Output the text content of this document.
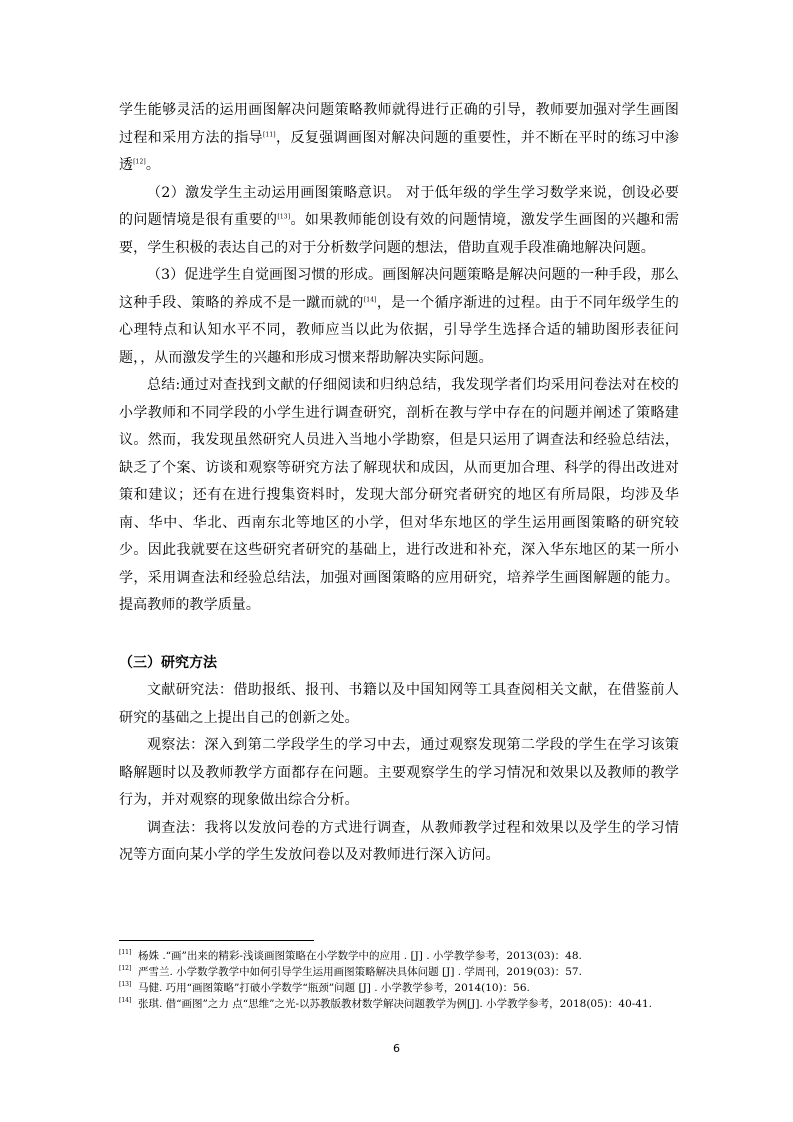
学生能够灵活的运用画图解决问题策略教师就得进行正确的引导，教师要加强对学生画图过程和采用方法的指导[11]，反复强调画图对解决问题的重要性，并不断在平时的练习中渗透[12]。

（2）激发学生主动运用画图策略意识。 对于低年级的学生学习数学来说，创设必要的问题情境是很有重要的[13]。如果教师能创设有效的问题情境，激发学生画图的兴趣和需要，学生积极的表达自己的对于分析数学问题的想法，借助直观手段准确地解决问题。

（3）促进学生自觉画图习惯的形成。画图解决问题策略是解决问题的一种手段，那么这种手段、策略的养成不是一蹴而就的[14]，是一个循序渐进的过程。由于不同年级学生的心理特点和认知水平不同，教师应当以此为依据，引导学生选择合适的辅助图形表征问题，，从而激发学生的兴趣和形成习惯来帮助解决实际问题。

总结:通过对查找到文献的仔细阅读和归纳总结，我发现学者们均采用问卷法对在校的小学教师和不同学段的小学生进行调查研究，剖析在教与学中存在的问题并阐述了策略建议。然而，我发现虽然研究人员进入当地小学勘察，但是只运用了调查法和经验总结法，缺乏了个案、访谈和观察等研究方法了解现状和成因，从而更加合理、科学的得出改进对策和建议；还有在进行搜集资料时，发现大部分研究者研究的地区有所局限，均涉及华南、华中、华北、西南东北等地区的小学，但对华东地区的学生运用画图策略的研究较少。因此我就要在这些研究者研究的基础上，进行改进和补充，深入华东地区的某一所小学，采用调查法和经验总结法，加强对画图策略的应用研究，培养学生画图解题的能力。提高教师的教学质量。

（三）研究方法

文献研究法：借助报纸、报刊、书籍以及中国知网等工具查阅相关文献，在借鉴前人研究的基础之上提出自己的创新之处。

观察法：深入到第二学段学生的学习中去，通过观察发现第二学段的学生在学习该策略解题时以及教师教学方面都存在问题。主要观察学生的学习情况和效果以及教师的教学行为，并对观察的现象做出综合分析。

调查法：我将以发放问卷的方式进行调查，从教师教学过程和效果以及学生的学习情况等方面向某小学的学生发放问卷以及对教师进行深入访问。

[11] 杨姝 .“画”出来的精彩-浅谈画图策略在小学数学中的应用 . [J] . 小学教学参考，2013(03)：48.
[12] 严雪兰. 小学数学教学中如何引导学生运用画图策略解决具体问题 [J] . 学周刊，2019(03)：57.
[13] 马健. 巧用“画图策略”打破小学数学“瓶颈”问题 [J] . 小学教学参考，2014(10)：56.
[14] 张琪. 借“画图”之力 点“思维”之光-以苏教版教材数学解决问题教学为例[J]. 小学教学参考，2018(05)：40-41.
6
